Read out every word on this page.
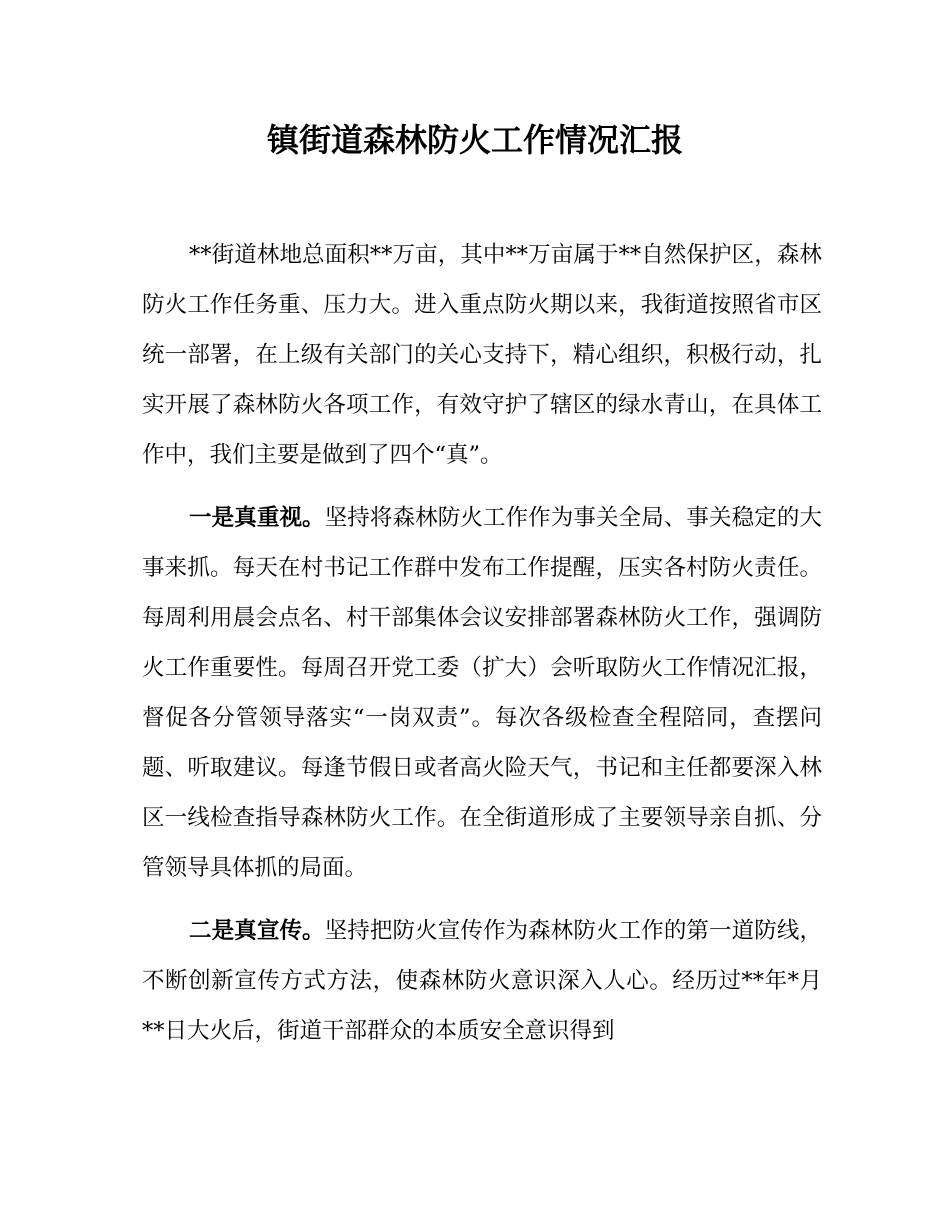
镇街道森林防火工作情况汇报

**街道林地总面积**万亩，其中**万亩属于**自然保护区，森林防火工作任务重、压力大。进入重点防火期以来，我街道按照省市区统一部署，在上级有关部门的关心支持下，精心组织，积极行动，扎实开展了森林防火各项工作，有效守护了辖区的绿水青山，在具体工作中，我们主要是做到了四个“真”。

一是真重视。坚持将森林防火工作作为事关全局、事关稳定的大事来抓。每天在村书记工作群中发布工作提醒，压实各村防火责任。每周利用晨会点名、村干部集体会议安排部署森林防火工作，强调防火工作重要性。每周召开党工委（扩大）会听取防火工作情况汇报，督促各分管领导落实“一岗双责”。每次各级检查全程陪同，查摆问题、听取建议。每逢节假日或者高火险天气，书记和主任都要深入林区一线检查指导森林防火工作。在全街道形成了主要领导亲自抓、分管领导具体抓的局面。

二是真宣传。坚持把防火宣传作为森林防火工作的第一道防线，不断创新宣传方式方法，使森林防火意识深入人心。经历过**年*月**日大火后，街道干部群众的本质安全意识得到
